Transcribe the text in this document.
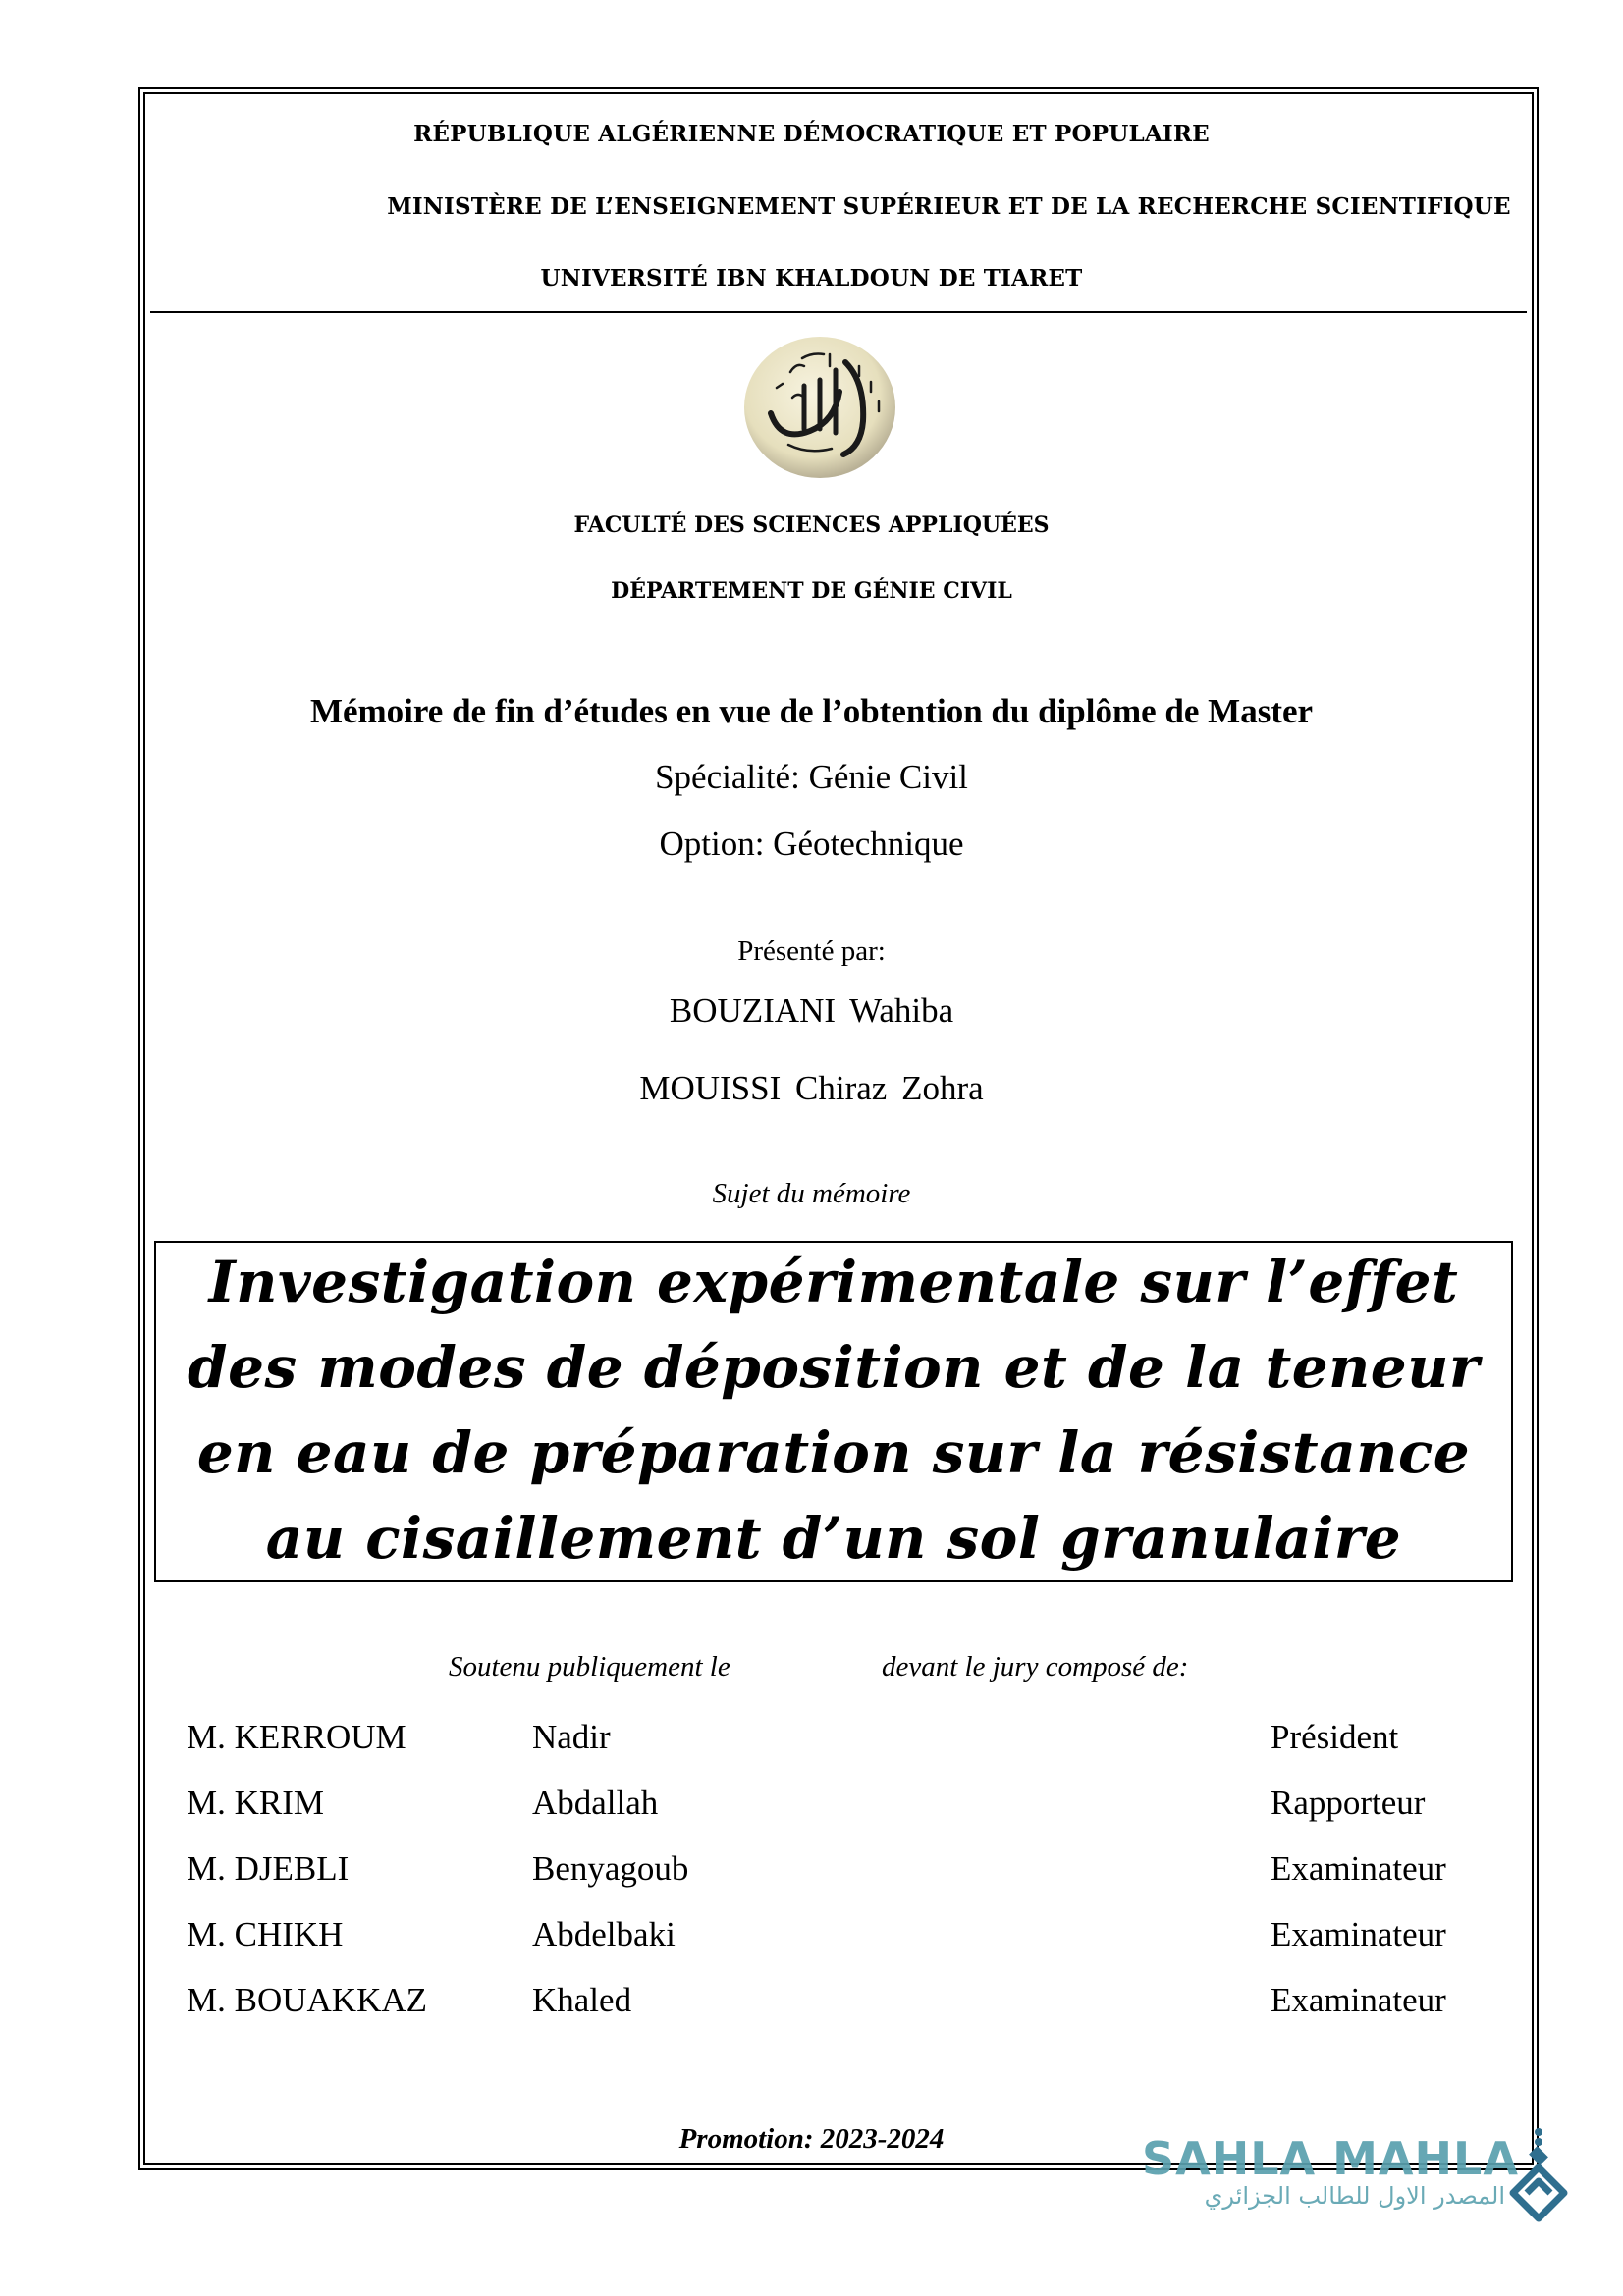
RÉPUBLIQUE ALGÉRIENNE DÉMOCRATIQUE ET POPULAIRE
MINISTÈRE DE L’ENSEIGNEMENT SUPÉRIEUR ET DE LA RECHERCHE SCIENTIFIQUE
UNIVERSITÉ IBN KHALDOUN DE TIARET
FACULTÉ DES SCIENCES APPLIQUÉES
DÉPARTEMENT DE GÉNIE CIVIL
Mémoire de fin d’études en vue de l’obtention du diplôme de Master
Spécialité: Génie Civil
Option: Géotechnique
Présenté par:
BOUZIANI Wahiba
MOUISSI Chiraz Zohra
Sujet du mémoire
Investigation expérimentale sur l’effet
des modes de déposition et de la teneur
en eau de préparation sur la résistance
au cisaillement d’un sol granulaire
Soutenu publiquement le	devant le jury composé de:
M. KERROUM	Nadir	Président
M. KRIM	Abdallah	Rapporteur
M. DJEBLI	Benyagoub	Examinateur
M. CHIKH	Abdelbaki	Examinateur
M. BOUAKKAZ	Khaled	Examinateur
Promotion: 2023-2024	SAHLA MAHLA
المصدر الاول للطالب الجزائري
